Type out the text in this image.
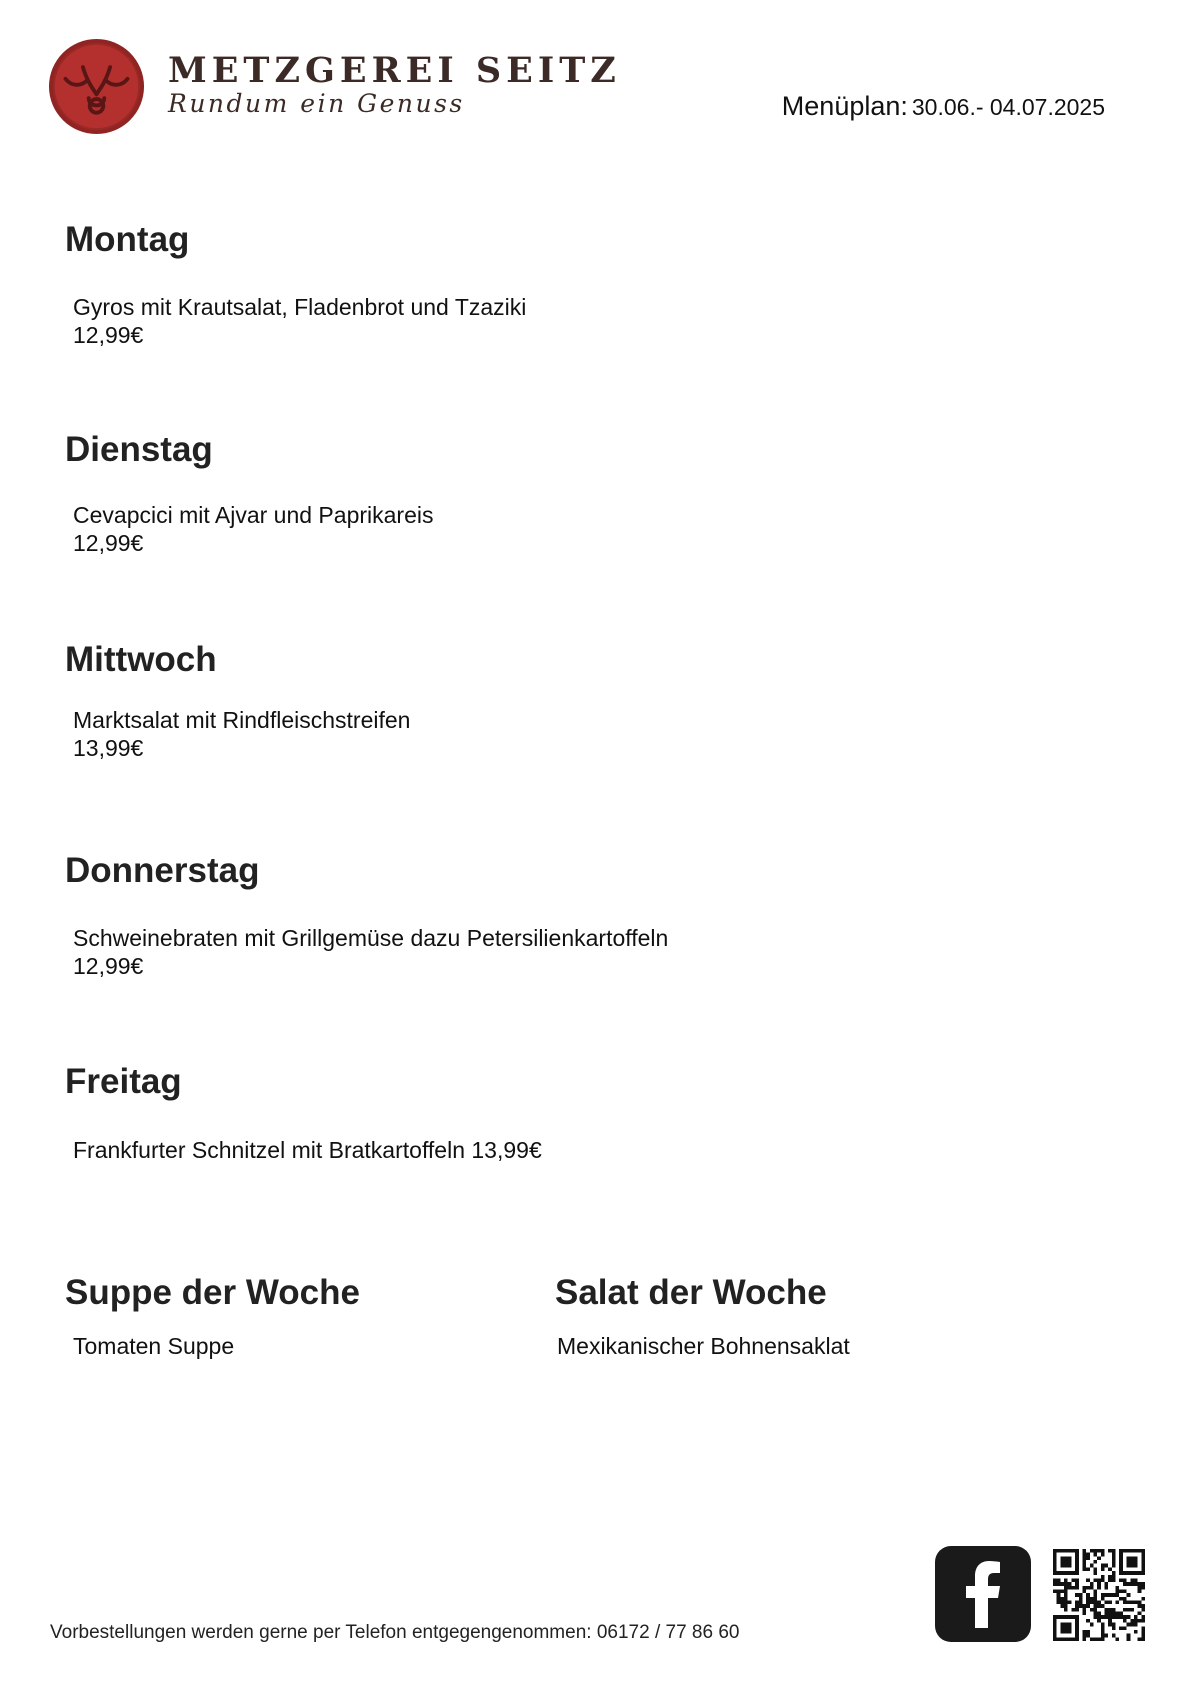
METZGEREI SEITZ
Rundum ein Genuss	Menüplan: 30.06.- 04.07.2025
Montag
Gyros mit Krautsalat, Fladenbrot und Tzaziki
12,99€
Dienstag
Cevapcici mit Ajvar und Paprikareis
12,99€
Mittwoch
Marktsalat mit Rindfleischstreifen
13,99€
Donnerstag
Schweinebraten mit Grillgemüse dazu Petersilienkartoffeln
12,99€
Freitag
Frankfurter Schnitzel mit Bratkartoffeln 13,99€
Suppe der Woche
Tomaten Suppe
Salat der Woche
Mexikanischer Bohnensaklat
Vorbestellungen werden gerne per Telefon entgegengenommen: 06172 / 77 86 60
